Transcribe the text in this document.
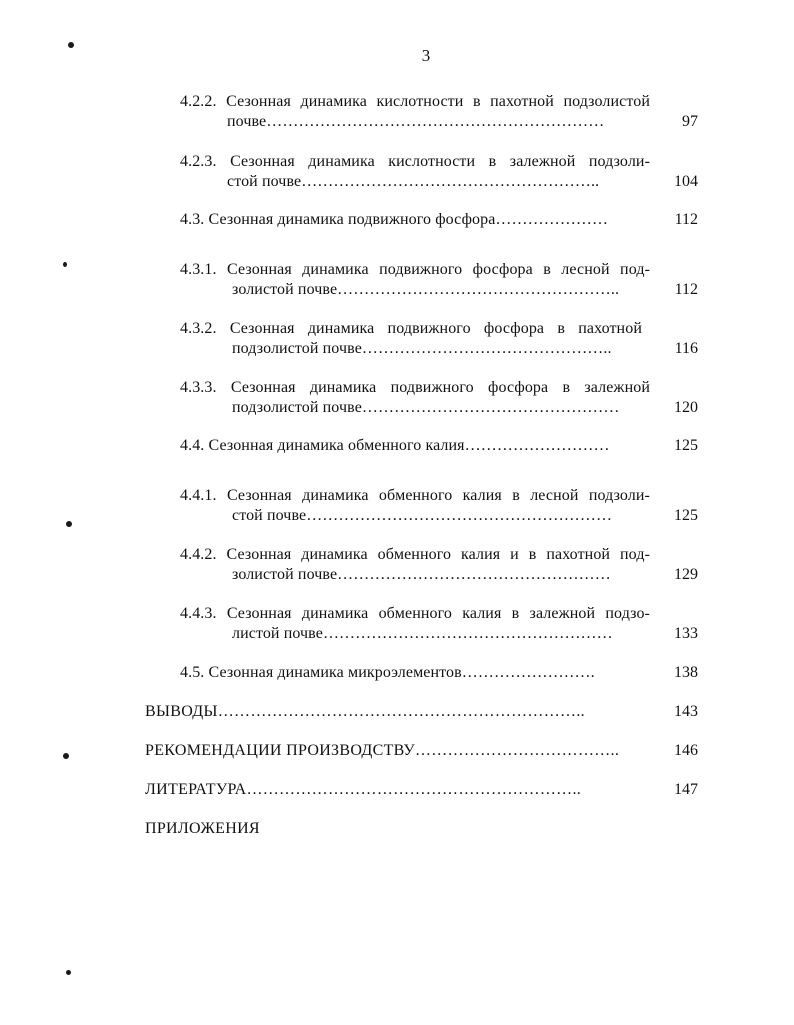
3
4.2.2. Сезонная динамика кислотности в пахотной подзолистой
почве………………………………………………………	97
4.2.3. Сезонная динамика кислотности в залежной подзоли-
стой почве………………………………………………..	104
4.3. Сезонная динамика подвижного фосфора…………………	112
4.3.1. Сезонная динамика подвижного фосфора в лесной под-
золистой почве……………………………………………..	112
4.3.2. Сезонная динамика подвижного фосфора в пахотной
подзолистой почве………………………………………..	116
4.3.3. Сезонная динамика подвижного фосфора в залежной
подзолистой почве…………………………………………	120
4.4. Сезонная динамика обменного калия………………………	125
4.4.1. Сезонная динамика обменного калия в лесной подзоли-
стой почве…………………………………………………	125
4.4.2. Сезонная динамика обменного калия и в пахотной под-
золистой почве……………………………………………	129
4.4.3. Сезонная динамика обменного калия в залежной подзо-
листой почве………………………………………………	133
4.5. Сезонная динамика микроэлементов…………………….	138
ВЫВОДЫ…………………………………………………………..	143
РЕКОМЕНДАЦИИ ПРОИЗВОДСТВУ………………………………..	146
ЛИТЕРАТУРА……………………………………………………..	147
ПРИЛОЖЕНИЯ
